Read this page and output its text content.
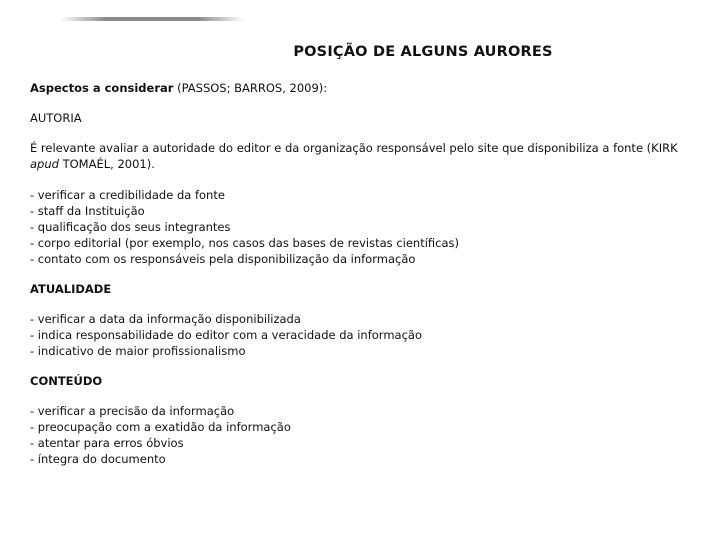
POSIÇÃO DE ALGUNS AURORES

Aspectos a considerar (PASSOS; BARROS, 2009):

AUTORIA

É relevante avaliar a autoridade do editor e da organização responsável pelo site que disponibiliza a fonte (KIRK apud TOMAÉL, 2001).

- verificar a credibilidade da fonte
- staff da Instituição
- qualificação dos seus integrantes
- corpo editorial (por exemplo, nos casos das bases de revistas científicas)
- contato com os responsáveis pela disponibilização da informação

ATUALIDADE

- verificar a data da informação disponibilizada
- indica responsabilidade do editor com a veracidade da informação
- indicativo de maior profissionalismo

CONTEÚDO

- verificar a precisão da informação
- preocupação com a exatidão da informação
- atentar para erros óbvios
- íntegra do documento
